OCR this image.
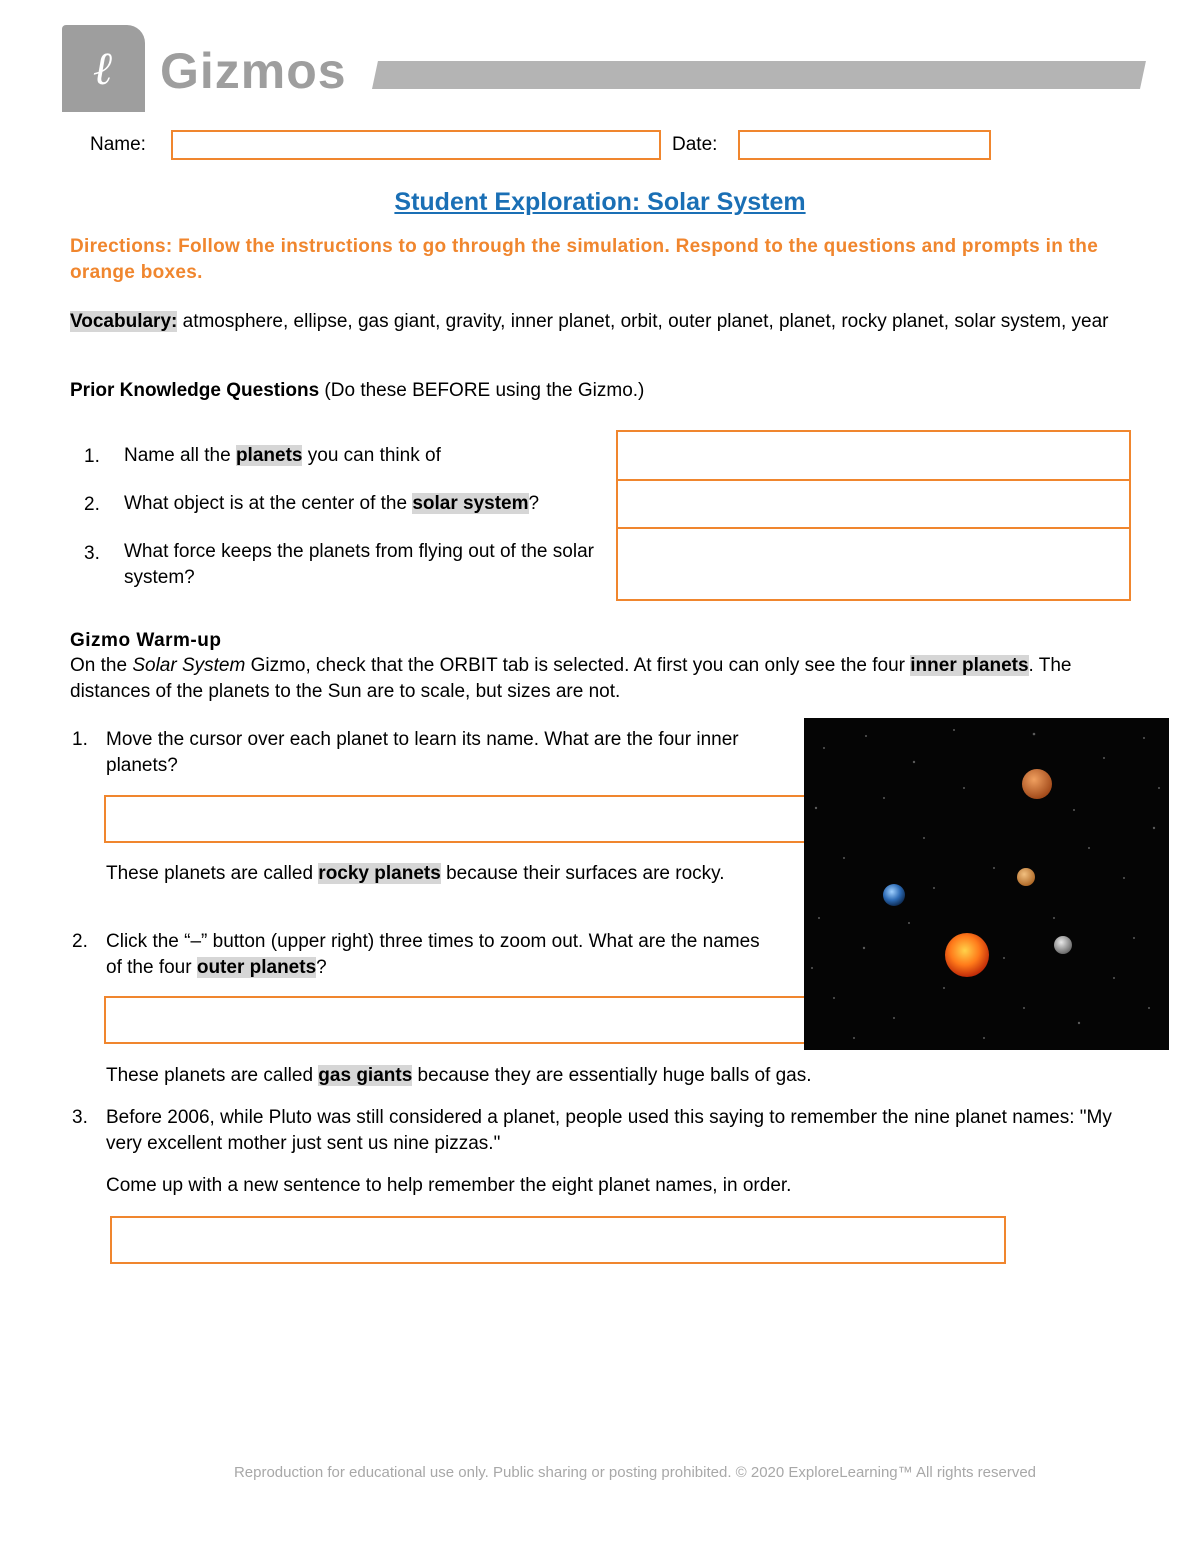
ℓ Gizmos
Name:	Date:
Student Exploration: Solar System
Directions: Follow the instructions to go through the simulation. Respond to the questions and prompts in the orange boxes.
Vocabulary: atmosphere, ellipse, gas giant, gravity, inner planet, orbit, outer planet, planet, rocky planet, solar system, year
Prior Knowledge Questions (Do these BEFORE using the Gizmo.)
1. Name all the planets you can think of
2. What object is at the center of the solar system?
3. What force keeps the planets from flying out of the solar system?
Gizmo Warm-up
On the Solar System Gizmo, check that the ORBIT tab is selected. At first you can only see the four inner planets. The distances of the planets to the Sun are to scale, but sizes are not.
1. Move the cursor over each planet to learn its name. What are the four inner planets?
These planets are called rocky planets because their surfaces are rocky.
2. Click the “–” button (upper right) three times to zoom out. What are the names of the four outer planets?
These planets are called gas giants because they are essentially huge balls of gas.
3. Before 2006, while Pluto was still considered a planet, people used this saying to remember the nine planet names: "My very excellent mother just sent us nine pizzas."
Come up with a new sentence to help remember the eight planet names, in order.
Reproduction for educational use only. Public sharing or posting prohibited. © 2020 ExploreLearning™ All rights reserved
